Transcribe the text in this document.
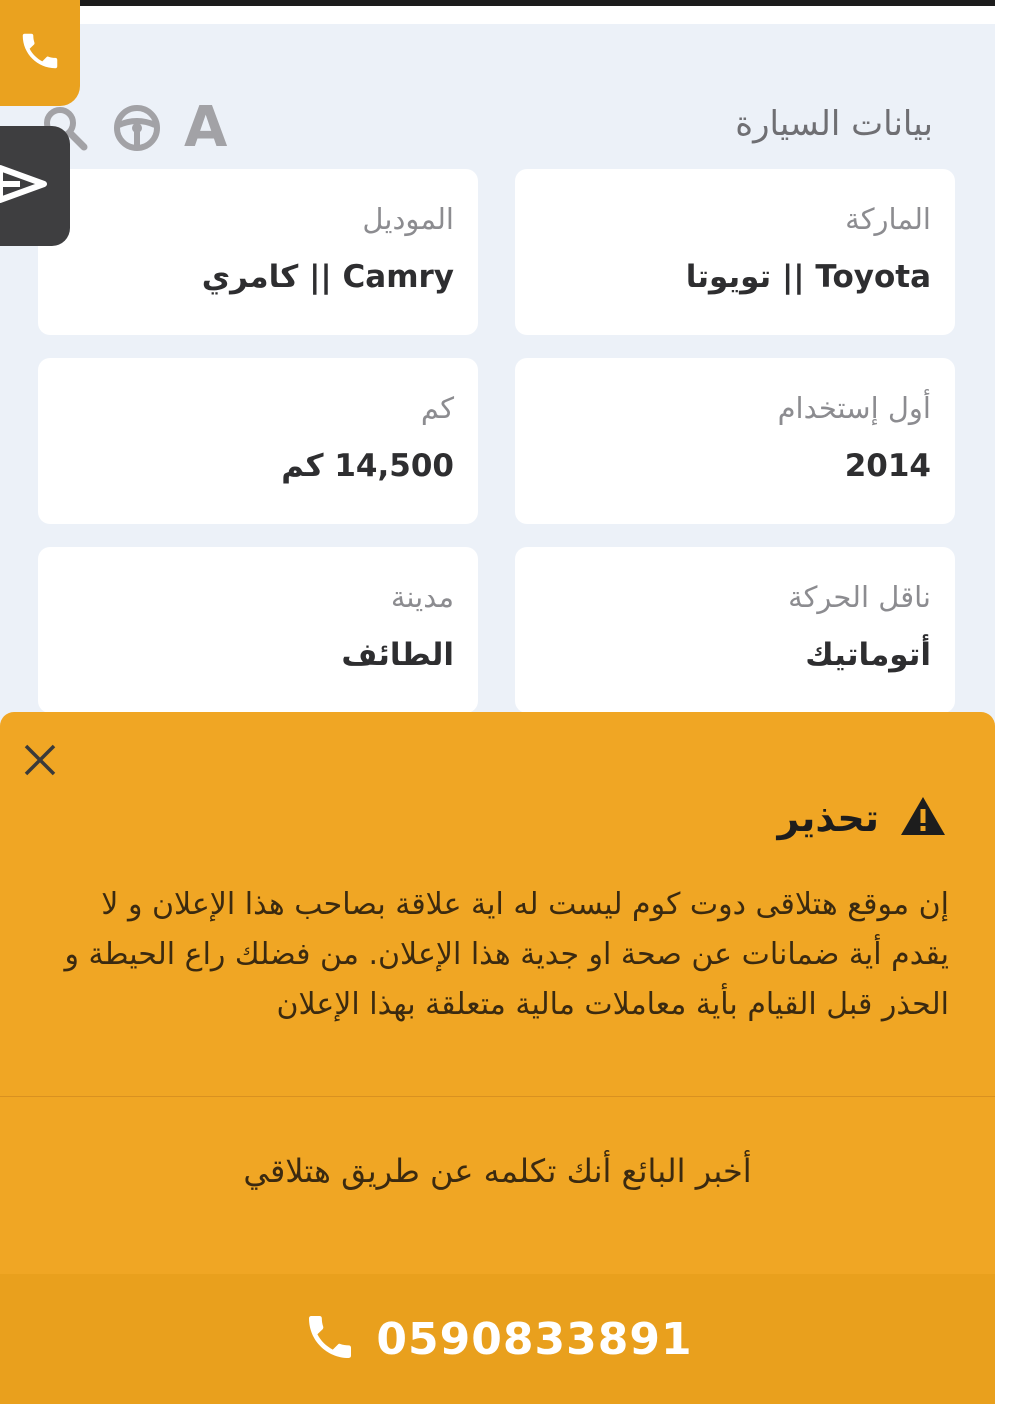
بيانات السيارة
A
الماركة
Toyota || تويوتا
الموديل
Camry || كامري
أول إستخدام
2014
كم
14,500 كم
ناقل الحركة
أتوماتيك
مدينة
الطائف
تحذير
إن موقع هتلاقى دوت كوم ليست له اية علاقة بصاحب هذا الإعلان و لا يقدم أية ضمانات عن صحة او جدية هذا الإعلان. من فضلك راع الحيطة و الحذر قبل القيام بأية معاملات مالية متعلقة بهذا الإعلان
أخبر البائع أنك تكلمه عن طريق هتلاقي
0590833891
